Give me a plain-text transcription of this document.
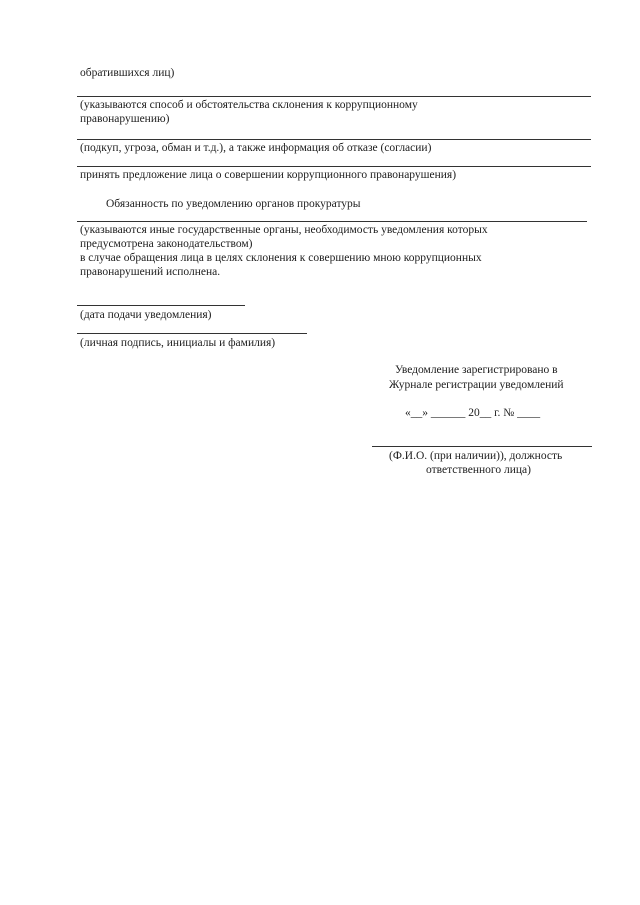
обратившихся лиц)
(указываются способ и обстоятельства склонения к коррупционному
правонарушению)
(подкуп, угроза, обман и т.д.), а также информация об отказе (согласии)
принять предложение лица о совершении коррупционного правонарушения)
Обязанность по уведомлению органов прокуратуры
(указываются иные государственные органы, необходимость уведомления которых
предусмотрена законодательством)
в случае обращения лица в целях склонения к совершению мною коррупционных
правонарушений исполнена.
(дата подачи уведомления)
(личная подпись, инициалы и фамилия)
Уведомление зарегистрировано в
Журнале регистрации уведомлений
«__» ______ 20__ г. № ____
(Ф.И.О. (при наличии)), должность
ответственного лица)
